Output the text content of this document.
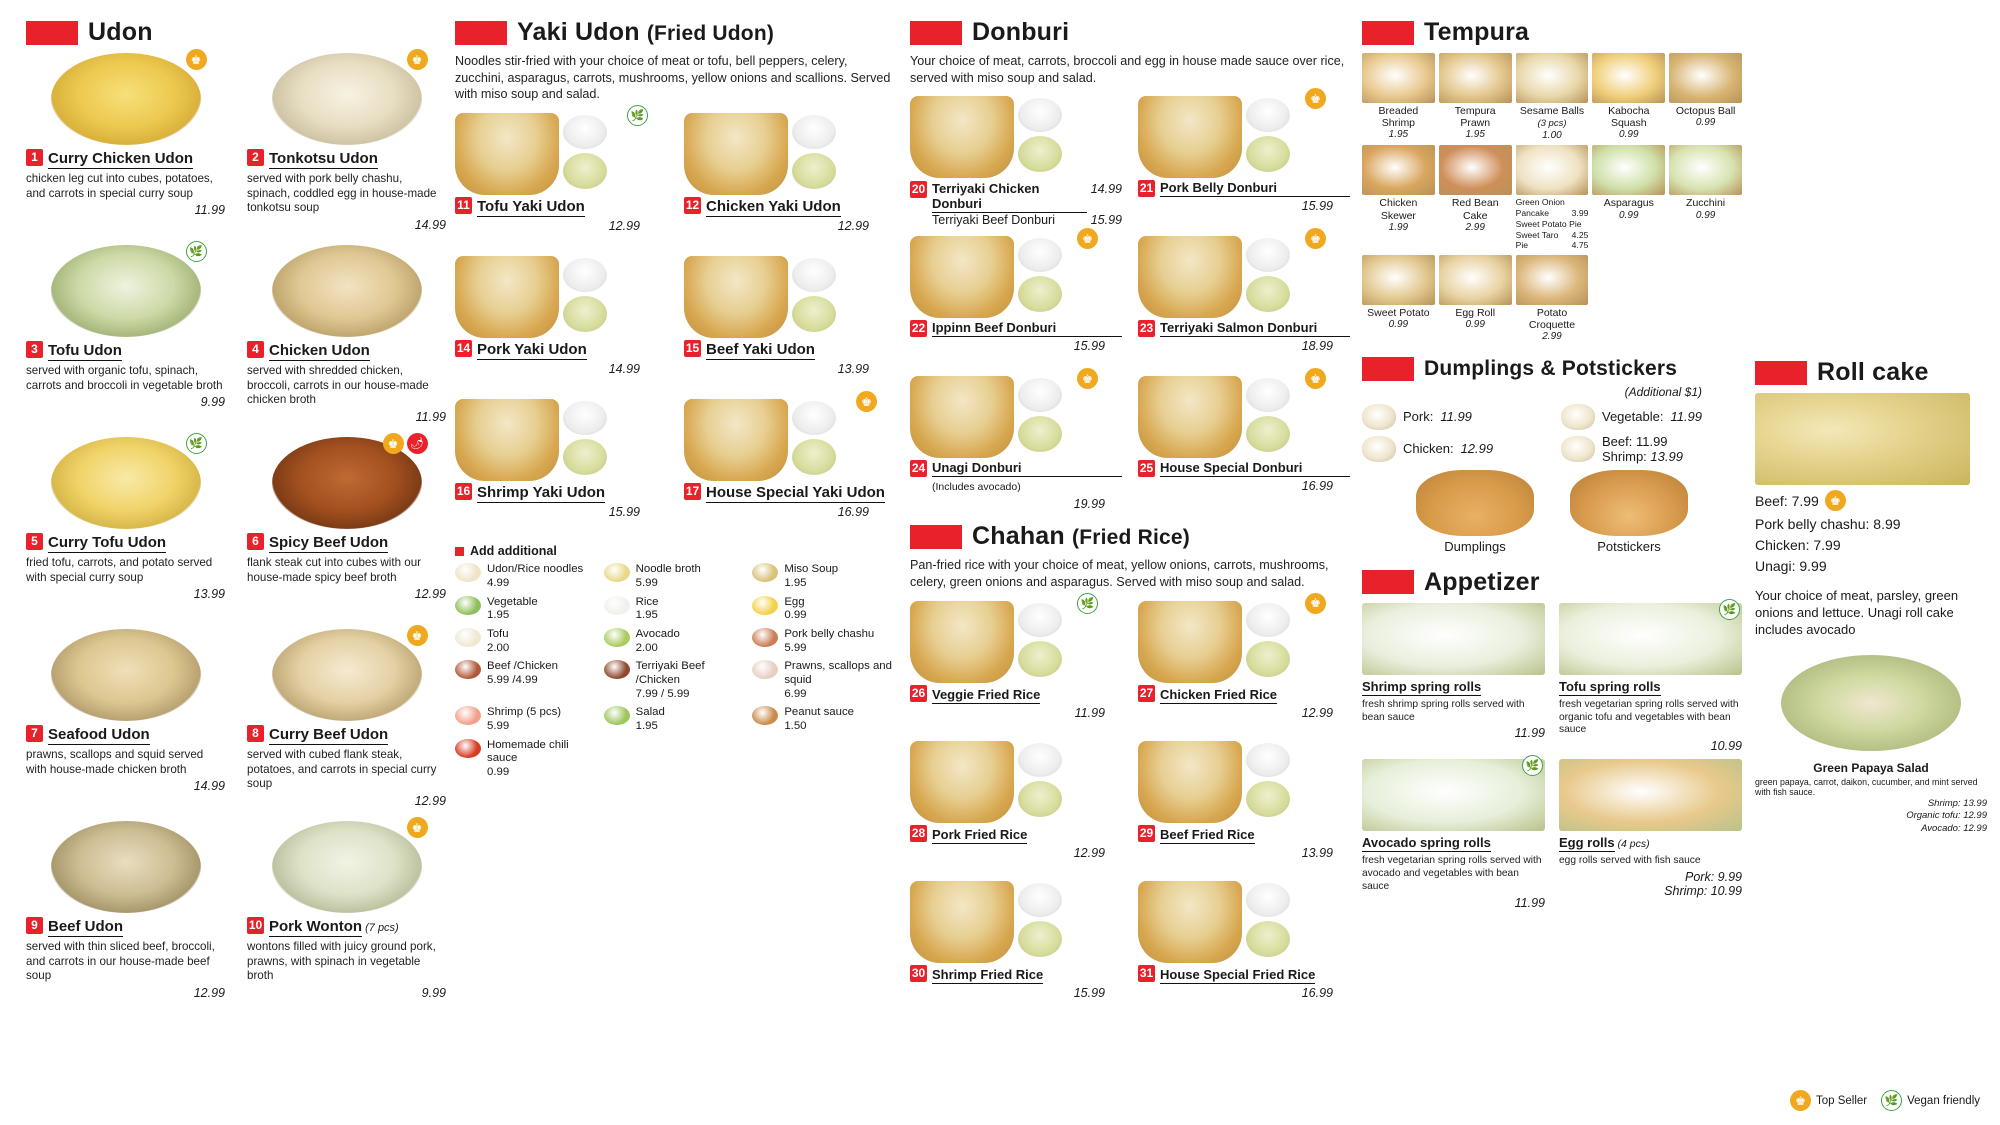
Udon
♚
1 Curry Chicken Udon
chicken leg cut into cubes, potatoes, and carrots in special curry soup
11.99
♚
2 Tonkotsu Udon
served with pork belly chashu, spinach, coddled egg in house-made tonkotsu soup
14.99
🌿
3 Tofu Udon
served with organic tofu, spinach, carrots and broccoli in vegetable broth
9.99
4 Chicken Udon
served with shredded chicken, broccoli, carrots in our house-made chicken broth
11.99
🌿
5 Curry Tofu Udon
fried tofu, carrots, and potato served with special curry soup
13.99
♚	🌶
6 Spicy Beef Udon
flank steak cut into cubes with our house-made spicy beef broth
12.99
7 Seafood Udon
prawns, scallops and squid served with house-made chicken broth
14.99
♚
8 Curry Beef Udon
served with cubed flank steak, potatoes, and carrots in special curry soup
12.99
9 Beef Udon
served with thin sliced beef, broccoli, and carrots in our house-made beef soup
12.99
♚
10 Pork Wonton (7 pcs)
wontons filled with juicy ground pork, prawns, with spinach in vegetable broth
9.99
Yaki Udon (Fried Udon)
Noodles stir-fried with your choice of meat or tofu, bell peppers, celery, zucchini, asparagus, carrots, mushrooms, yellow onions and scallions. Served with miso soup and salad.
🌿
11 Tofu Yaki Udon
12.99
12 Chicken Yaki Udon
12.99
14 Pork Yaki Udon
14.99
15 Beef Yaki Udon
13.99
16 Shrimp Yaki Udon
15.99
♚
17 House Special Yaki Udon
16.99
Add additional
Udon/Rice noodles
4.99
Noodle broth
5.99
Miso Soup
1.95
Vegetable
1.95
Rice
1.95
Egg
0.99
Tofu
2.00
Avocado
2.00
Pork belly chashu
5.99
Beef /Chicken
5.99 /4.99
Terriyaki Beef /Chicken
7.99 / 5.99
Prawns, scallops and squid
6.99
Shrimp (5 pcs)
5.99
Salad
1.95
Peanut sauce
1.50
Homemade chili sauce
0.99
Donburi
Your choice of meat, carrots, broccoli and egg in house made sauce over rice, served with miso soup and salad.
20 Terriyaki Chicken Donburi
14.99
Terriyaki Beef Donburi	15.99
♚
21 Pork Belly Donburi
15.99
♚
22 Ippinn Beef Donburi
15.99
♚
23 Terriyaki Salmon Donburi
18.99
♚
24 Unagi Donburi
(Includes avocado)19.99
♚
25 House Special Donburi
16.99
Chahan (Fried Rice)
Pan-fried rice with your choice of meat, yellow onions, carrots, mushrooms, celery, green onions and asparagus. Served with miso soup and salad.
🌿
26 Veggie Fried Rice
11.99
♚
27 Chicken Fried Rice
12.99
28 Pork Fried Rice
12.99
29 Beef Fried Rice
13.99
30 Shrimp Fried Rice
15.99
31 House Special Fried Rice
16.99
Tempura
Breaded Shrimp
1.95
Tempura Prawn
1.95
Sesame Balls (3 pcs)
1.00
Kabocha Squash
0.99
Octopus Ball
0.99
Chicken Skewer
1.99
Red Bean Cake
2.99
Green Onion Pancake	3.99
Sweet Potato Pie
4.25
Sweet Taro Pie	4.75
Asparagus
0.99
Zucchini
0.99
Sweet Potato
0.99
Egg Roll
0.99
Potato Croquette
2.99
Dumplings & Potstickers
(Additional $1)
Pork: 11.99	Vegetable: 11.99
Chicken: 12.99	Beef: 11.99
Shrimp: 13.99
Dumplings	Potstickers
Appetizer
Shrimp spring rolls
fresh shrimp spring rolls served with bean sauce
11.99
🌿
Tofu spring rolls
fresh vegetarian spring rolls served with organic tofu and vegetables with bean sauce
10.99
🌿
Avocado spring rolls
fresh vegetarian spring rolls served with avocado and vegetables with bean sauce
11.99
Egg rolls (4 pcs)
egg rolls served with fish sauce
Pork: 9.99
Shrimp: 10.99
Roll cake
Beef: 7.99 ♚
Pork belly chashu: 8.99
Chicken: 7.99
Unagi: 9.99
Your choice of meat, parsley, green onions and lettuce. Unagi roll cake includes avocado
Green Papaya Salad

green papaya, carrot, daikon, cucumber, and mint served with fish sauce.

Shrimp: 13.99
Organic tofu: 12.99
Avocado: 12.99
♚ Top Seller	🌿 Vegan friendly
